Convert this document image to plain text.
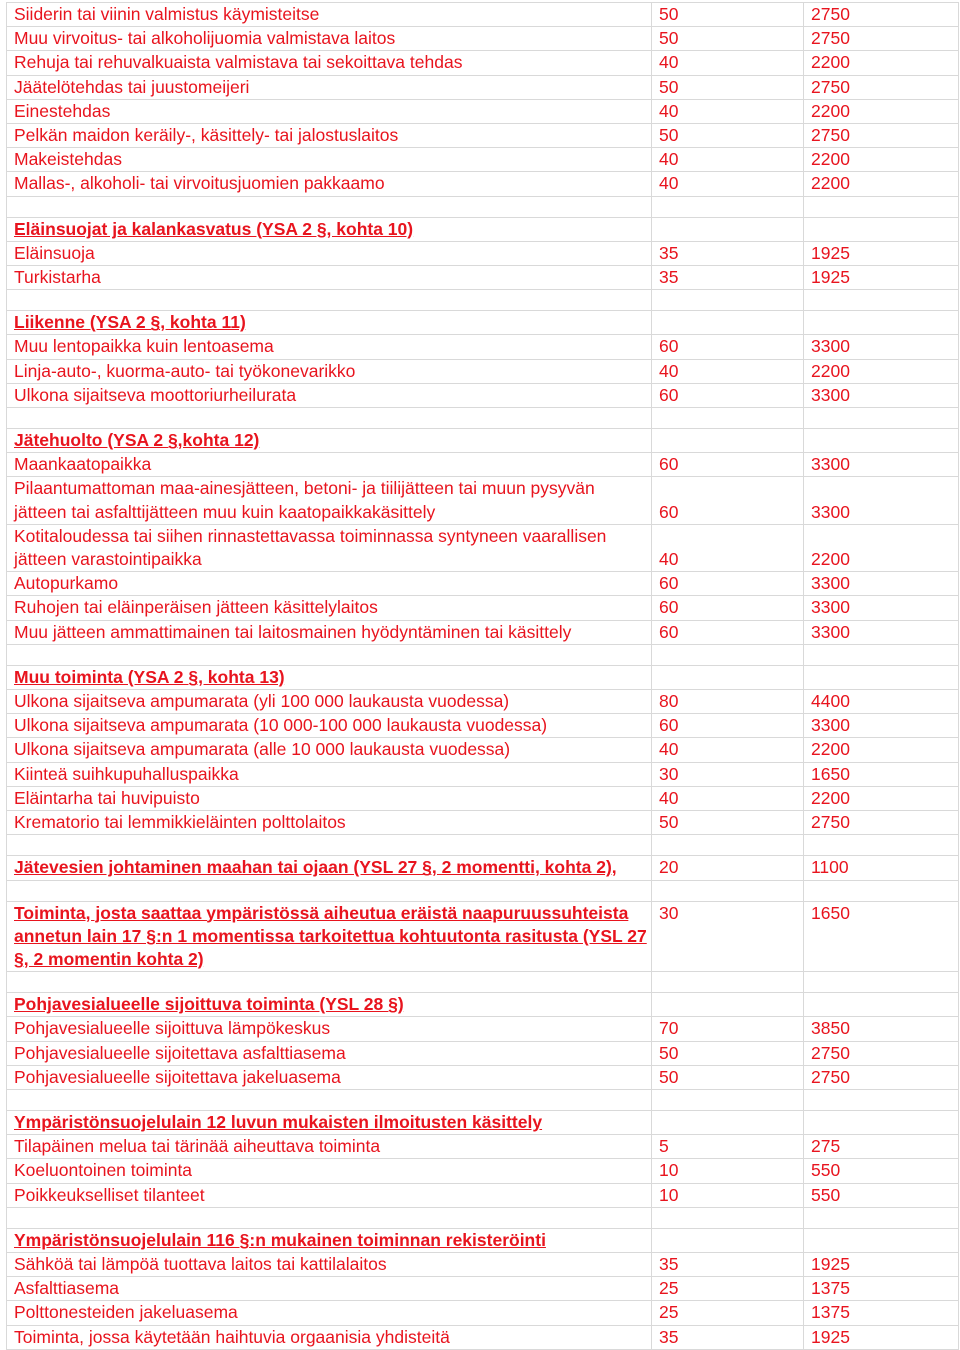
Siiderin tai viinin valmistus käymisteitse	50	2750
Muu virvoitus- tai alkoholijuomia valmistava laitos	50	2750
Rehuja tai rehuvalkuaista valmistava tai sekoittava tehdas	40	2200
Jäätelötehdas tai juustomeijeri	50	2750
Einestehdas	40	2200
Pelkän maidon keräily-, käsittely- tai jalostuslaitos	50	2750
Makeistehdas	40	2200
Mallas-, alkoholi- tai virvoitusjuomien pakkaamo	40	2200

Eläinsuojat ja kalankasvatus (YSA 2 §, kohta 10)		
Eläinsuoja	35	1925
Turkistarha	35	1925

Liikenne (YSA 2 §, kohta 11)		
Muu lentopaikka kuin lentoasema	60	3300
Linja-auto-, kuorma-auto- tai työkonevarikko	40	2200
Ulkona sijaitseva moottoriurheilurata	60	3300

Jätehuolto (YSA 2 §,kohta 12)		
Maankaatopaikka	60	3300
Pilaantumattoman maa-ainesjätteen, betoni- ja tiilijätteen tai muun pysyvän jätteen tai asfalttijätteen muu kuin kaatopaikkakäsittely	60	3300
Kotitaloudessa tai siihen rinnastettavassa toiminnassa syntyneen vaarallisen jätteen varastointipaikka	40	2200
Autopurkamo	60	3300
Ruhojen tai eläinperäisen jätteen käsittelylaitos	60	3300
Muu jätteen ammattimainen tai laitosmainen hyödyntäminen tai käsittely	60	3300

Muu toiminta (YSA 2 §, kohta 13)		
Ulkona sijaitseva ampumarata (yli 100 000 laukausta vuodessa)	80	4400
Ulkona sijaitseva ampumarata (10 000-100 000 laukausta vuodessa)	60	3300
Ulkona sijaitseva ampumarata (alle 10 000 laukausta vuodessa)	40	2200
Kiinteä suihkupuhalluspaikka	30	1650
Eläintarha tai huvipuisto	40	2200
Krematorio tai lemmikkieläinten polttolaitos	50	2750

Jätevesien johtaminen maahan tai ojaan (YSL 27 §, 2 momentti, kohta 2),	20	1100

Toiminta, josta saattaa ympäristössä aiheutua eräistä naapuruussuhteista annetun lain 17 §:n 1 momentissa tarkoitettua kohtuutonta rasitusta (YSL 27 §, 2 momentin kohta 2)	30	1650

Pohjavesialueelle sijoittuva toiminta (YSL 28 §)		
Pohjavesialueelle sijoittuva lämpökeskus	70	3850
Pohjavesialueelle sijoitettava asfalttiasema	50	2750
Pohjavesialueelle sijoitettava jakeluasema	50	2750

Ympäristönsuojelulain 12 luvun mukaisten ilmoitusten käsittely		
Tilapäinen melua tai tärinää aiheuttava toiminta	5	275
Koeluontoinen toiminta	10	550
Poikkeukselliset tilanteet	10	550

Ympäristönsuojelulain 116 §:n mukainen toiminnan rekisteröinti		
Sähköä tai lämpöä tuottava laitos tai kattilalaitos	35	1925
Asfalttiasema	25	1375
Polttonesteiden jakeluasema	25	1375
Toiminta, jossa käytetään haihtuvia orgaanisia yhdisteitä	35	1925
